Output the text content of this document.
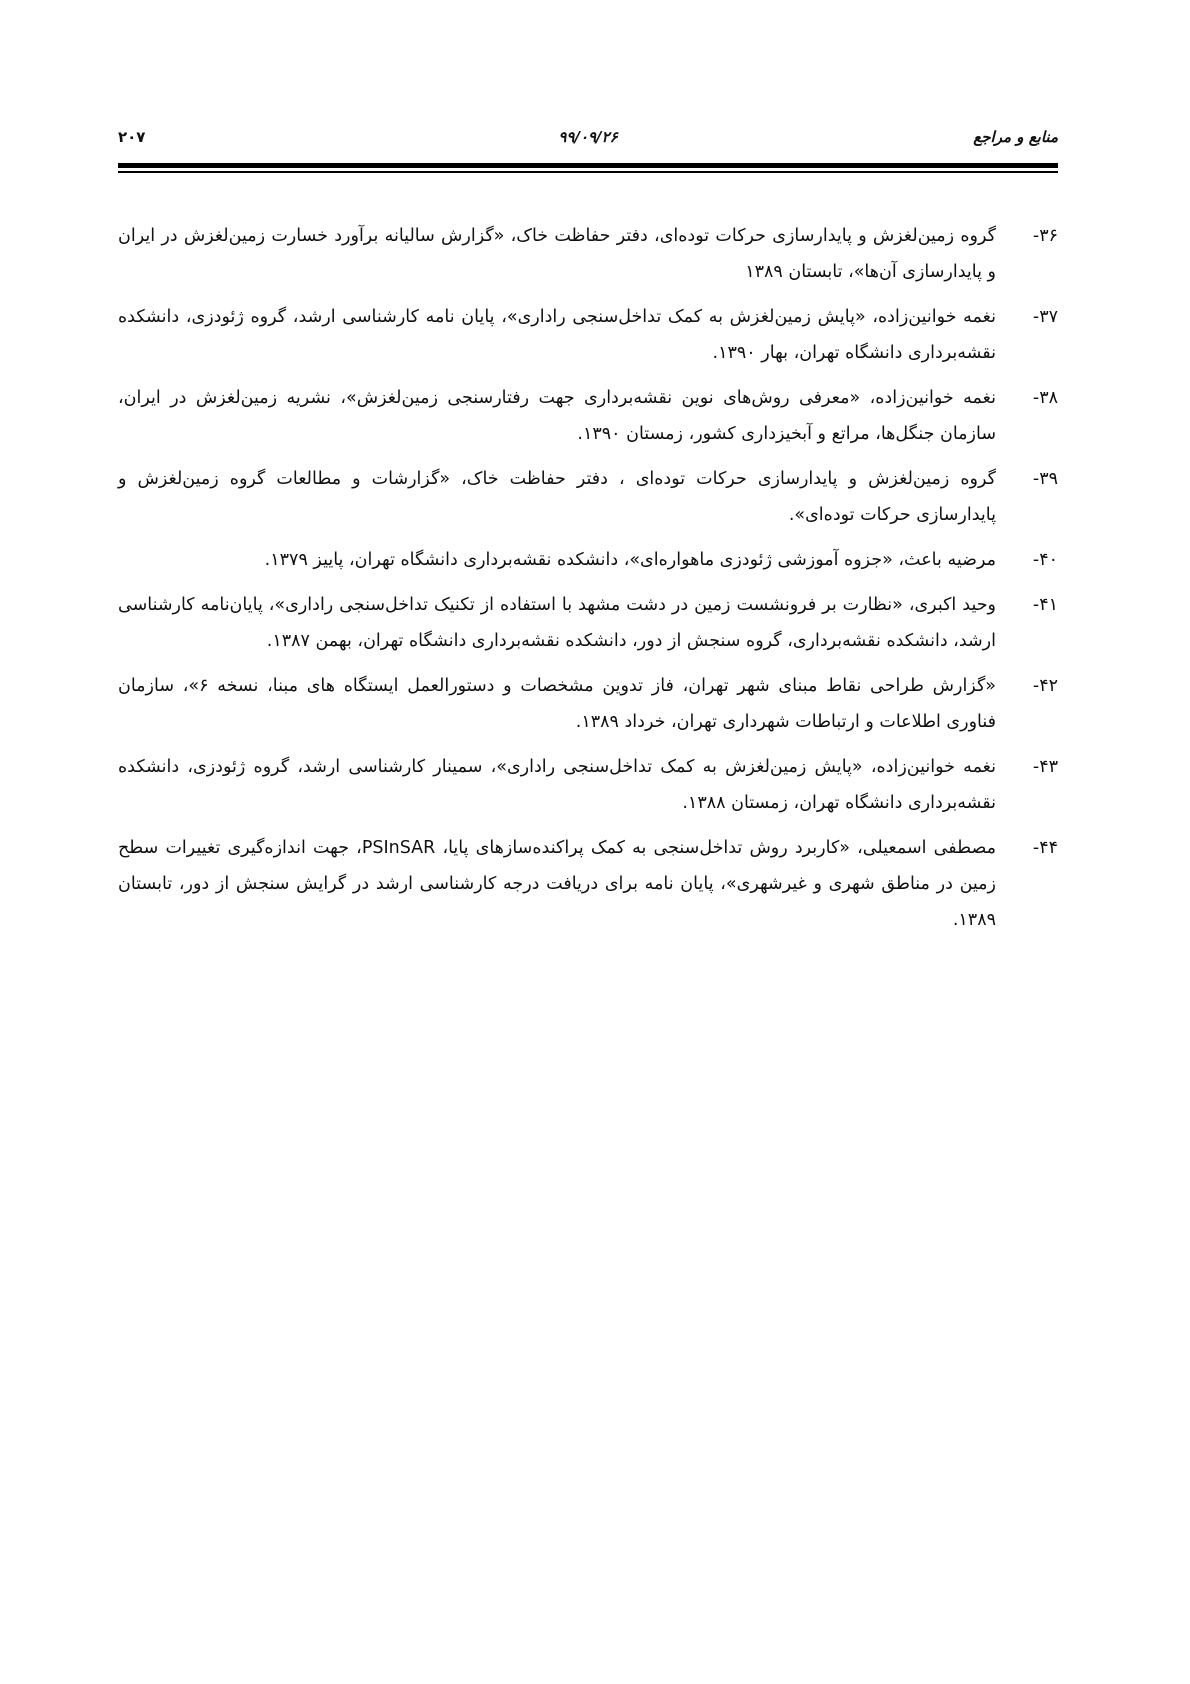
منابع و مراجع
۹۹/۰۹/۲۶
۲۰۷
۳۶-
گروه زمین‌لغزش و پایدارسازی حرکات توده‌ای، دفتر حفاظت خاک، «گزارش سالیانه برآورد خسارت زمین‌لغزش در ایران و پایدارسازی آن‌ها»، تابستان ۱۳۸۹
۳۷-
نغمه خوانین‌زاده، «پایش زمین‌لغزش به کمک تداخل‌سنجی راداری»، پایان نامه کارشناسی ارشد، گروه ژئودزی، دانشکده نقشه‌برداری دانشگاه تهران، بهار ۱۳۹۰.
۳۸-
نغمه خوانین‌زاده، «معرفی روش‌های نوین نقشه‌برداری جهت رفتارسنجی زمین‌لغزش»، نشریه زمین‌لغزش در ایران، سازمان جنگل‌ها، مراتع و آبخیزداری کشور، زمستان ۱۳۹۰.
۳۹-
گروه زمین‌لغزش و پایدارسازی حرکات توده‌ای ، دفتر حفاظت خاک، «گزارشات و مطالعات گروه زمین‌لغزش و پایدارسازی حرکات توده‌ای».
۴۰-
مرضیه باعث، «جزوه آموزشی ژئودزی ماهواره‌ای»، دانشکده نقشه‌برداری دانشگاه تهران، پاییز ۱۳۷۹.
۴۱-
وحید اکبری، «نظارت بر فرونشست زمین در دشت مشهد با استفاده از تکنیک تداخل‌سنجی راداری»، پایان‌نامه کارشناسی ارشد، دانشکده نقشه‌برداری، گروه سنجش از دور، دانشکده نقشه‌برداری دانشگاه تهران، بهمن ۱۳۸۷.
۴۲-
«گزارش طراحی نقاط مبنای شهر تهران، فاز تدوین مشخصات و دستورالعمل ایستگاه های مبنا، نسخه ۶»، سازمان فناوری اطلاعات و ارتباطات شهرداری تهران، خرداد ۱۳۸۹.
۴۳-
نغمه خوانین‌زاده، «پایش زمین‌لغزش به کمک تداخل‌سنجی راداری»، سمینار کارشناسی ارشد، گروه ژئودزی، دانشکده نقشه‌برداری دانشگاه تهران، زمستان ۱۳۸۸.
۴۴-
مصطفی اسمعیلی، «کاربرد روش تداخل‌سنجی به کمک پراکنده‌سازهای پایا، PSInSAR، جهت اندازه‌گیری تغییرات سطح زمین در مناطق شهری و غیرشهری»، پایان نامه برای دریافت درجه کارشناسی ارشد در گرایش سنجش از دور، تابستان ۱۳۸۹.
